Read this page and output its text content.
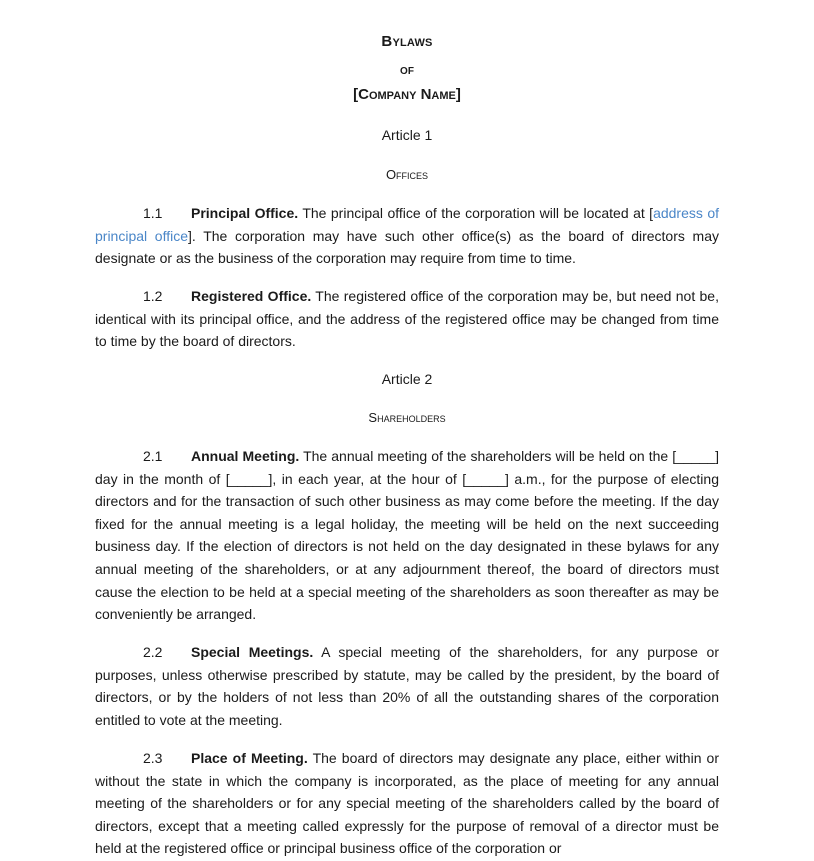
Bylaws
of
[Company Name]
Article 1
Offices
1.1 Principal Office. The principal office of the corporation will be located at [address of principal office]. The corporation may have such other office(s) as the board of directors may designate or as the business of the corporation may require from time to time.
1.2 Registered Office. The registered office of the corporation may be, but need not be, identical with its principal office, and the address of the registered office may be changed from time to time by the board of directors.
Article 2
Shareholders
2.1 Annual Meeting. The annual meeting of the shareholders will be held on the [_____] day in the month of [_____], in each year, at the hour of [_____] a.m., for the purpose of electing directors and for the transaction of such other business as may come before the meeting. If the day fixed for the annual meeting is a legal holiday, the meeting will be held on the next succeeding business day. If the election of directors is not held on the day designated in these bylaws for any annual meeting of the shareholders, or at any adjournment thereof, the board of directors must cause the election to be held at a special meeting of the shareholders as soon thereafter as may be conveniently be arranged.
2.2 Special Meetings. A special meeting of the shareholders, for any purpose or purposes, unless otherwise prescribed by statute, may be called by the president, by the board of directors, or by the holders of not less than 20% of all the outstanding shares of the corporation entitled to vote at the meeting.
2.3 Place of Meeting. The board of directors may designate any place, either within or without the state in which the company is incorporated, as the place of meeting for any annual meeting of the shareholders or for any special meeting of the shareholders called by the board of directors, except that a meeting called expressly for the purpose of removal of a director must be held at the registered office or principal business office of the corporation or
